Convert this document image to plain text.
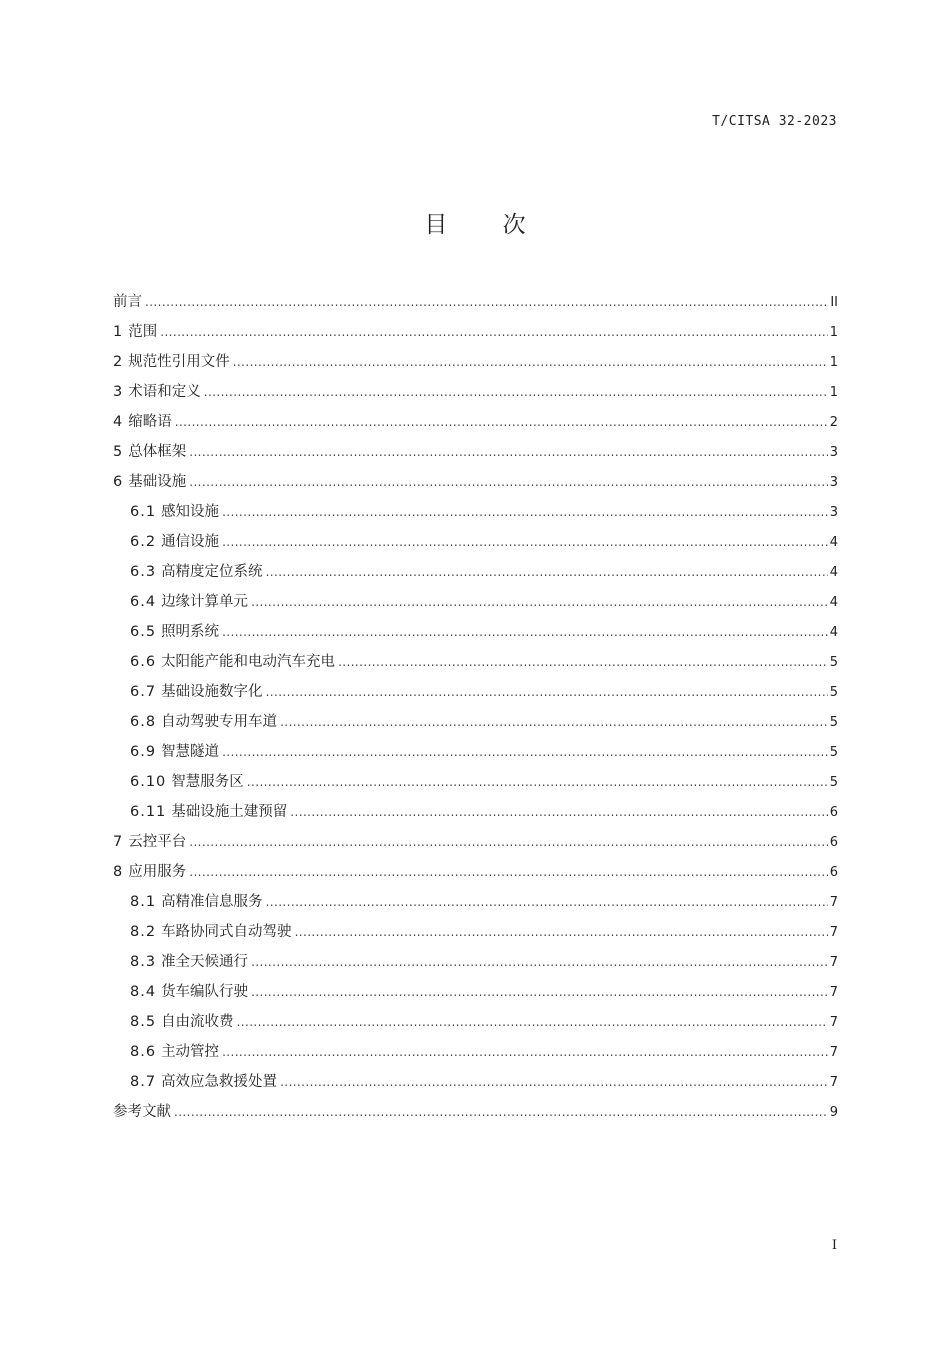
T/CITSA 32-2023
目 次
前言 .....	II
1 范围 .....	1
2 规范性引用文件 .....	1
3 术语和定义 .....	1
4 缩略语 .....	2
5 总体框架 .....	3
6 基础设施 .....	3
6.1 感知设施 .....	3
6.2 通信设施 .....	4
6.3 高精度定位系统 .....	4
6.4 边缘计算单元 .....	4
6.5 照明系统 .....	4
6.6 太阳能产能和电动汽车充电 .....	5
6.7 基础设施数字化 .....	5
6.8 自动驾驶专用车道 .....	5
6.9 智慧隧道 .....	5
6.10 智慧服务区 .....	5
6.11 基础设施土建预留 .....	6
7 云控平台 .....	6
8 应用服务 .....	6
8.1 高精准信息服务 .....	7
8.2 车路协同式自动驾驶 .....	7
8.3 准全天候通行 .....	7
8.4 货车编队行驶 .....	7
8.5 自由流收费 .....	7
8.6 主动管控 .....	7
8.7 高效应急救援处置 .....	7
参考文献 .....	9
I
